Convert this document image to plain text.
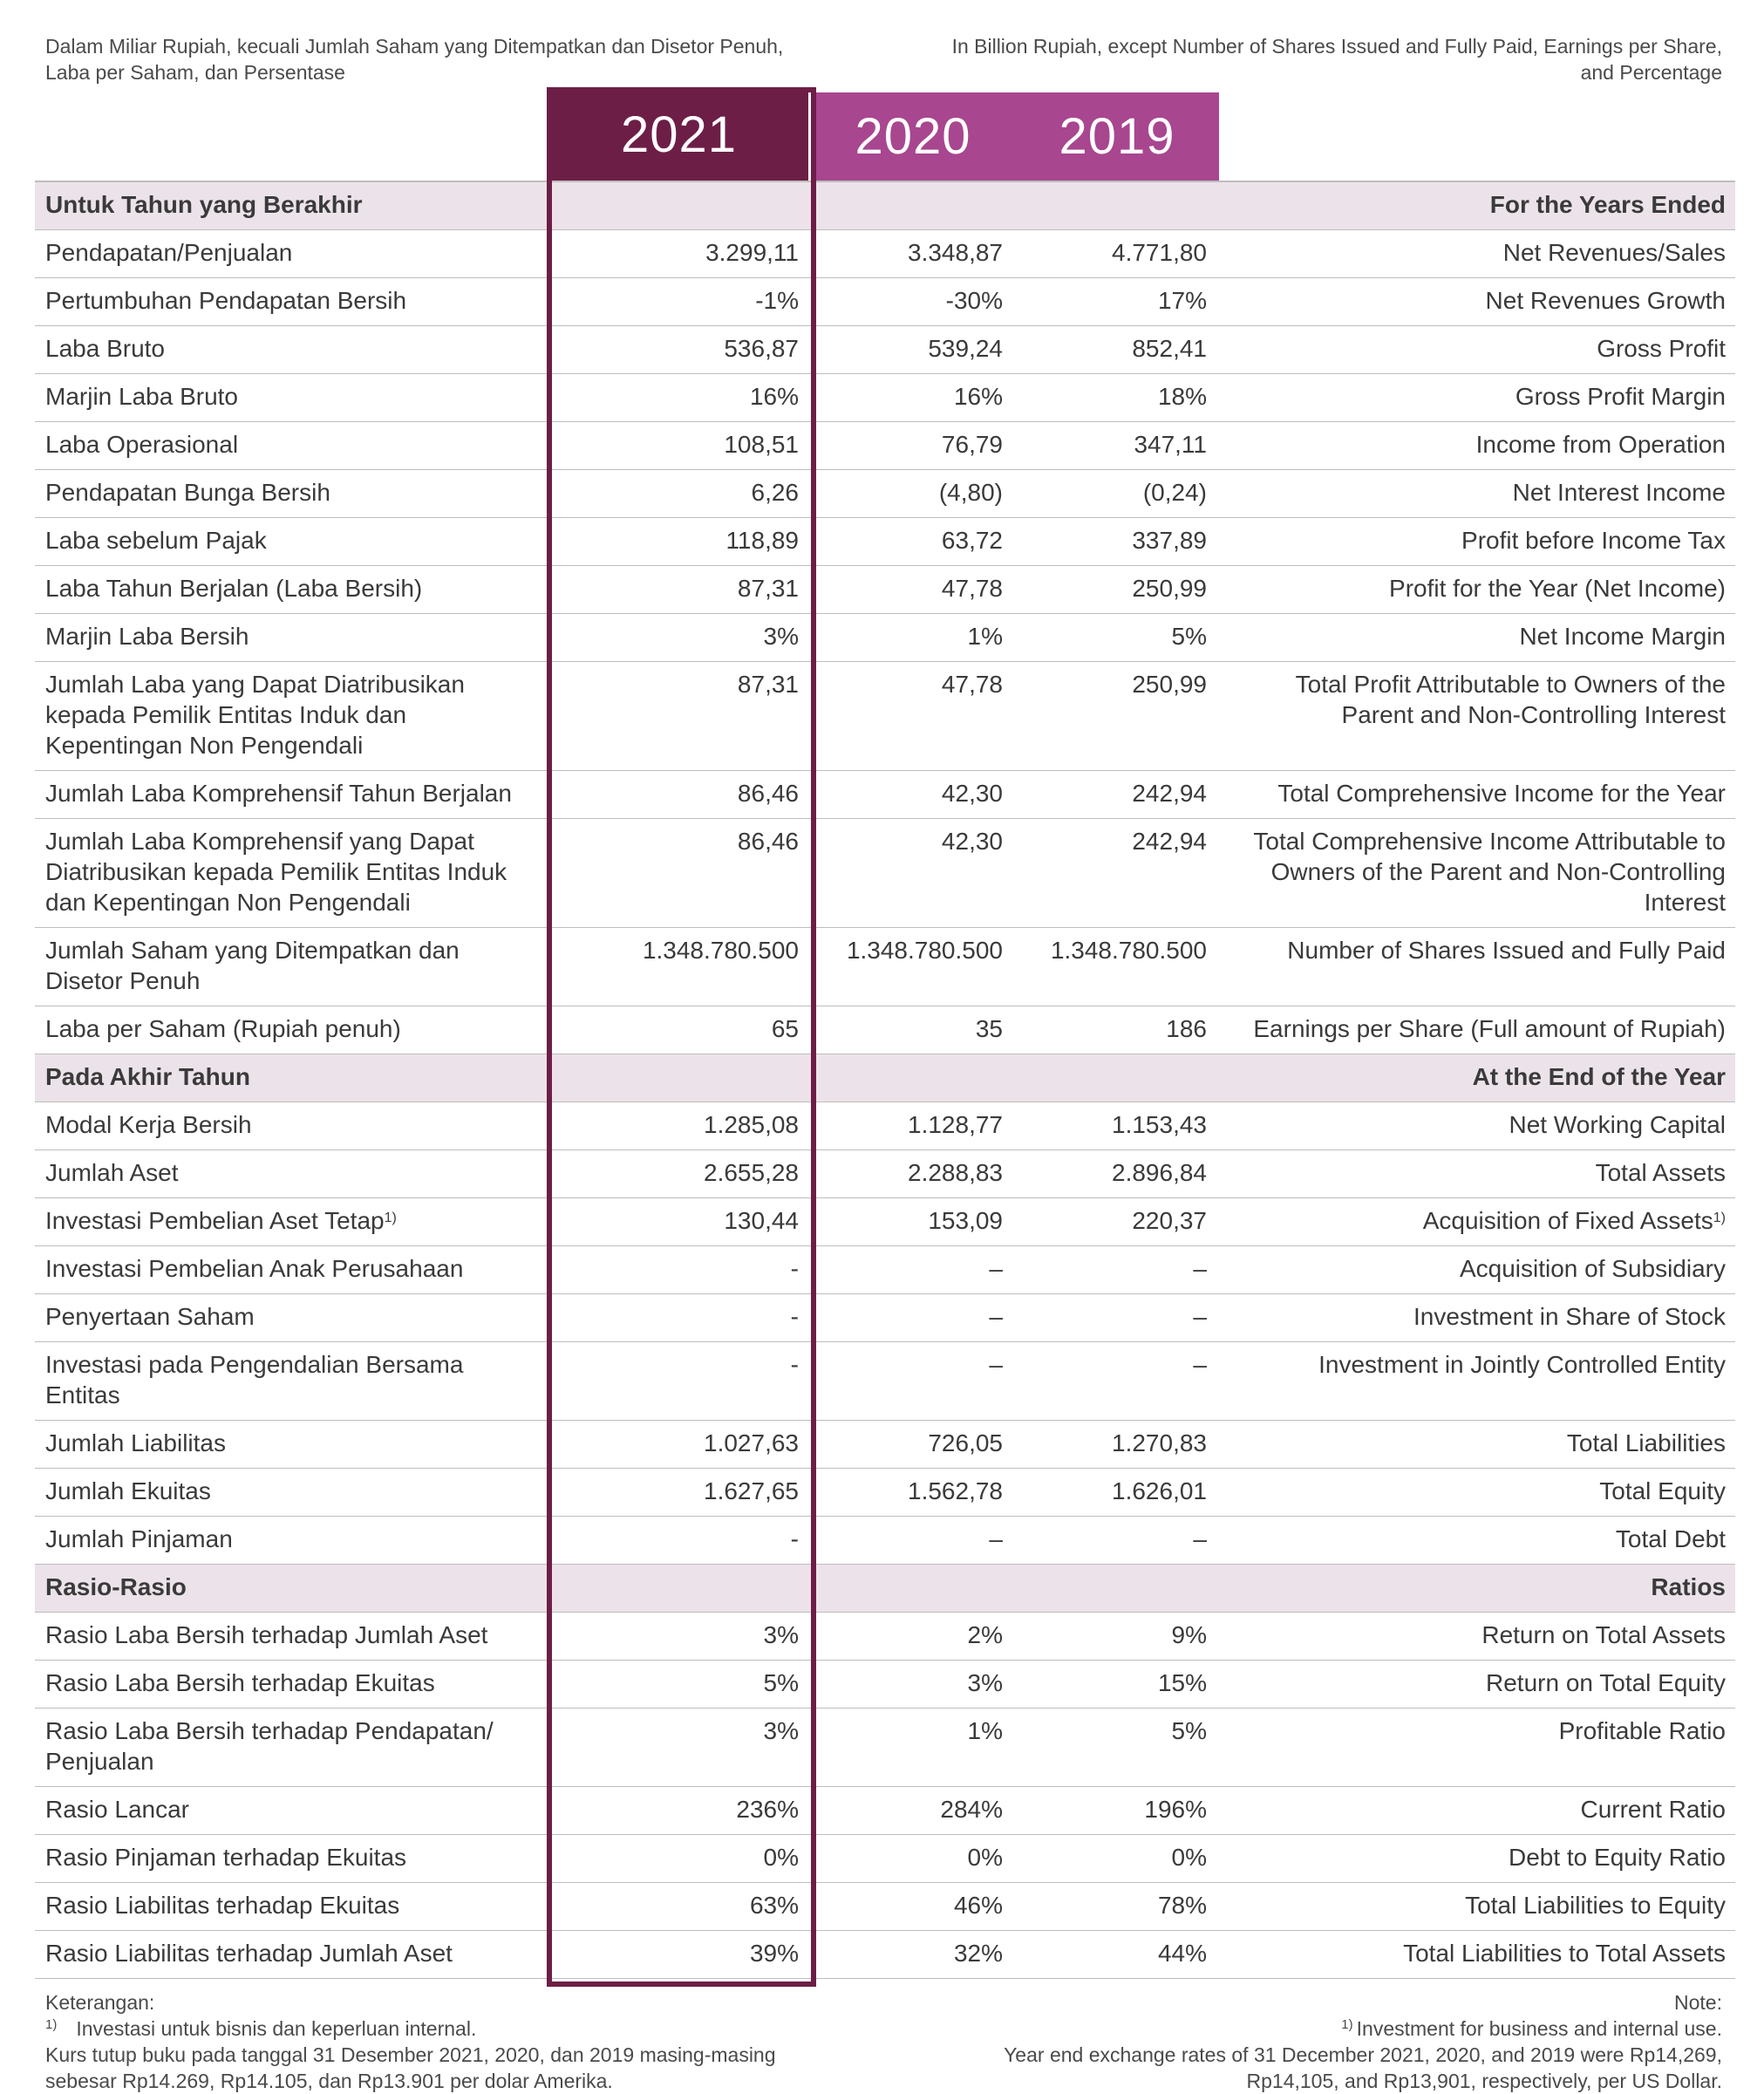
Dalam Miliar Rupiah, kecuali Jumlah Saham yang Ditempatkan dan Disetor Penuh, Laba per Saham, dan Persentase
In Billion Rupiah, except Number of Shares Issued and Fully Paid, Earnings per Share, and Percentage
2021	2020	2019
Untuk Tahun yang Berakhir				For the Years Ended
Pendapatan/Penjualan	3.299,11	3.348,87	4.771,80	Net Revenues/Sales
Pertumbuhan Pendapatan Bersih	-1%	-30%	17%	Net Revenues Growth
Laba Bruto	536,87	539,24	852,41	Gross Profit
Marjin Laba Bruto	16%	16%	18%	Gross Profit Margin
Laba Operasional	108,51	76,79	347,11	Income from Operation
Pendapatan Bunga Bersih	6,26	(4,80)	(0,24)	Net Interest Income
Laba sebelum Pajak	118,89	63,72	337,89	Profit before Income Tax
Laba Tahun Berjalan (Laba Bersih)	87,31	47,78	250,99	Profit for the Year (Net Income)
Marjin Laba Bersih	3%	1%	5%	Net Income Margin
Jumlah Laba yang Dapat Diatribusikan kepada Pemilik Entitas Induk dan Kepentingan Non Pengendali	87,31	47,78	250,99	Total Profit Attributable to Owners of the Parent and Non-Controlling Interest
Jumlah Laba Komprehensif Tahun Berjalan	86,46	42,30	242,94	Total Comprehensive Income for the Year
Jumlah Laba Komprehensif yang Dapat Diatribusikan kepada Pemilik Entitas Induk dan Kepentingan Non Pengendali	86,46	42,30	242,94	Total Comprehensive Income Attributable to Owners of the Parent and Non-Controlling Interest
Jumlah Saham yang Ditempatkan dan Disetor Penuh	1.348.780.500	1.348.780.500	1.348.780.500	Number of Shares Issued and Fully Paid
Laba per Saham (Rupiah penuh)	65	35	186	Earnings per Share (Full amount of Rupiah)
Pada Akhir Tahun				At the End of the Year
Modal Kerja Bersih	1.285,08	1.128,77	1.153,43	Net Working Capital
Jumlah Aset	2.655,28	2.288,83	2.896,84	Total Assets
Investasi Pembelian Aset Tetap$^{1)}$	130,44	153,09	220,37	Acquisition of Fixed Assets$^{1)}$
Investasi Pembelian Anak Perusahaan	-	–	–	Acquisition of Subsidiary
Penyertaan Saham	-	–	–	Investment in Share of Stock
Investasi pada Pengendalian Bersama Entitas	-	–	–	Investment in Jointly Controlled Entity
Jumlah Liabilitas	1.027,63	726,05	1.270,83	Total Liabilities
Jumlah Ekuitas	1.627,65	1.562,78	1.626,01	Total Equity
Jumlah Pinjaman	-	–	–	Total Debt
Rasio-Rasio				Ratios
Rasio Laba Bersih terhadap Jumlah Aset	3%	2%	9%	Return on Total Assets
Rasio Laba Bersih terhadap Ekuitas	5%	3%	15%	Return on Total Equity
Rasio Laba Bersih terhadap Pendapatan/ Penjualan	3%	1%	5%	Profitable Ratio
Rasio Lancar	236%	284%	196%	Current Ratio
Rasio Pinjaman terhadap Ekuitas	0%	0%	0%	Debt to Equity Ratio
Rasio Liabilitas terhadap Ekuitas	63%	46%	78%	Total Liabilities to Equity
Rasio Liabilitas terhadap Jumlah Aset	39%	32%	44%	Total Liabilities to Total Assets
Keterangan:
$^{1)}$ Investasi untuk bisnis dan keperluan internal.
Kurs tutup buku pada tanggal 31 Desember 2021, 2020, dan 2019 masing-masing sebesar Rp14.269, Rp14.105, dan Rp13.901 per dolar Amerika.
Note:
$^{1)}$ Investment for business and internal use.
Year end exchange rates of 31 December 2021, 2020, and 2019 were Rp14,269, Rp14,105, and Rp13,901, respectively, per US Dollar.
